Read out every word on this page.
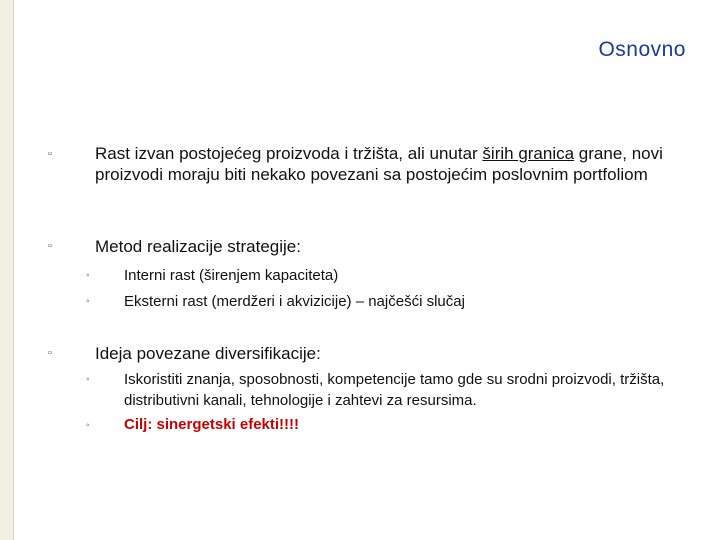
Osnovno
▫
Rast izvan postojećeg proizvoda i tržišta, ali unutar širih granica grane, novi proizvodi moraju biti nekako povezani sa postojećim poslovnim portfoliom
▫
Metod realizacije strategije:
◦ Interni rast (širenjem kapaciteta)
◦ Eksterni rast (merdžeri i akvizicije) – najčešći slučaj
▫
Ideja povezane diversifikacije:
◦ Iskoristiti znanja, sposobnosti, kompetencije tamo gde su srodni proizvodi, tržišta, distributivni kanali, tehnologije i zahtevi za resursima.
◦ Cilj: sinergetski efekti!!!!
